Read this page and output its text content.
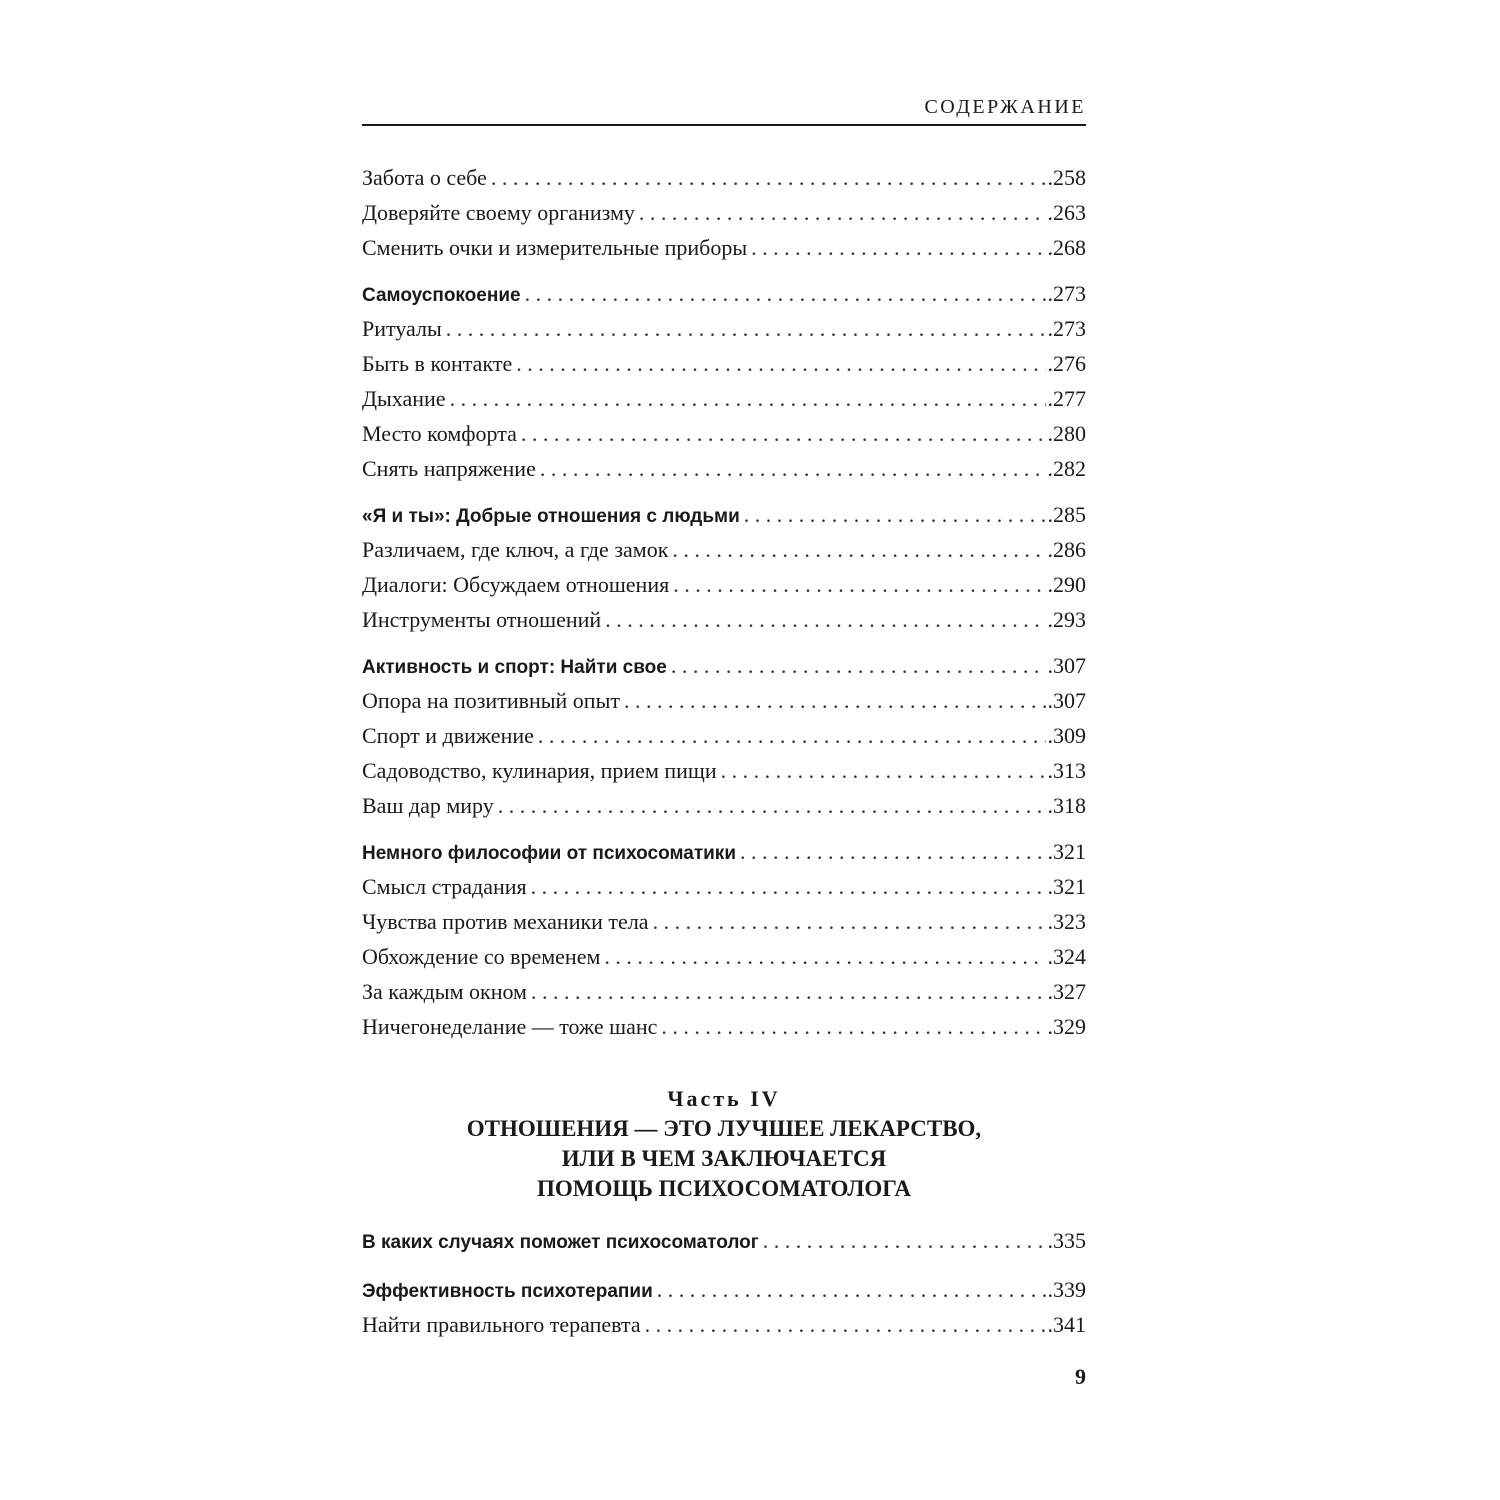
СОДЕРЖАНИЕ
Забота о себе . . .	.258
Доверяйте своему организму . . .	.263
Сменить очки и измерительные приборы . . .	.268
Самоуспокоение . . .	.273
Ритуалы . . .	.273
Быть в контакте . . .	.276
Дыхание . . .	.277
Место комфорта . . .	.280
Снять напряжение . . .	.282
«Я и ты»: Добрые отношения с людьми . . .	.285
Различаем, где ключ, а где замок . . .	.286
Диалоги: Обсуждаем отношения . . .	.290
Инструменты отношений . . .	.293
Активность и спорт: Найти свое . . .	.307
Опора на позитивный опыт . . .	.307
Спорт и движение . . .	.309
Садоводство, кулинария, прием пищи . . .	.313
Ваш дар миру . . .	.318
Немного философии от психосоматики . . .	.321
Смысл страдания . . .	.321
Чувства против механики тела . . .	.323
Обхождение со временем . . .	.324
За каждым окном . . .	.327
Ничегонеделание — тоже шанс . . .	.329
Часть IV
ОТНОШЕНИЯ — ЭТО ЛУЧШЕЕ ЛЕКАРСТВО,
ИЛИ В ЧЕМ ЗАКЛЮЧАЕТСЯ
ПОМОЩЬ ПСИХОСОМАТОЛОГА
В каких случаях поможет психосоматолог . . .	.335
Эффективность психотерапии . . .	.339
Найти правильного терапевта . . .	.341
9
